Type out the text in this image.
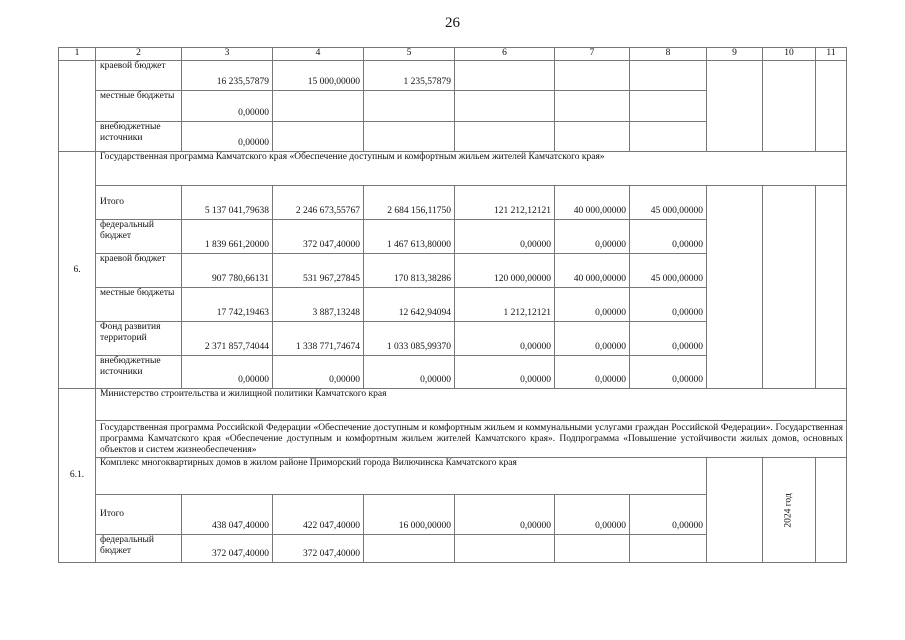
26
1	2	3	4	5	6	7	8	9	10	11
	краевой бюджет	16 235,57879	15 000,00000	1 235,57879						
	местные бюджеты	0,00000								
	внебюджетные источники	0,00000								
6.	Государственная программа Камчатского края «Обеспечение доступным и комфортным жильем жителей Камчатского края»									
	Итого	5 137 041,79638	2 246 673,55767	2 684 156,11750	121 212,12121	40 000,00000	45 000,00000			
	федеральный бюджет	1 839 661,20000	372 047,40000	1 467 613,80000	0,00000	0,00000	0,00000			
	краевой бюджет	907 780,66131	531 967,27845	170 813,38286	120 000,00000	40 000,00000	45 000,00000			
	местные бюджеты	17 742,19463	3 887,13248	12 642,94094	1 212,12121	0,00000	0,00000			
	Фонд развития территорий	2 371 857,74044	1 338 771,74674	1 033 085,99370	0,00000	0,00000	0,00000			
	внебюджетные источники	0,00000	0,00000	0,00000	0,00000	0,00000	0,00000			
6.1.	Министерство строительства и жилищной политики Камчатского края									
	Государственная программа Российской Федерации «Обеспечение доступным и комфортным жильем и коммунальными услугами граждан Российской Федерации». Государственная программа Камчатского края «Обеспечение доступным и комфортным жильем жителей Камчатского края». Подпрограмма «Повышение устойчивости жилых домов, основных объектов и систем жизнеобеспечения»									
	Комплекс многоквартирных домов в жилом районе Приморский города Вилючинска Камчатского края								2024 год	
	Итого	438 047,40000	422 047,40000	16 000,00000	0,00000	0,00000	0,00000			
	федеральный бюджет	372 047,40000	372 047,40000							
